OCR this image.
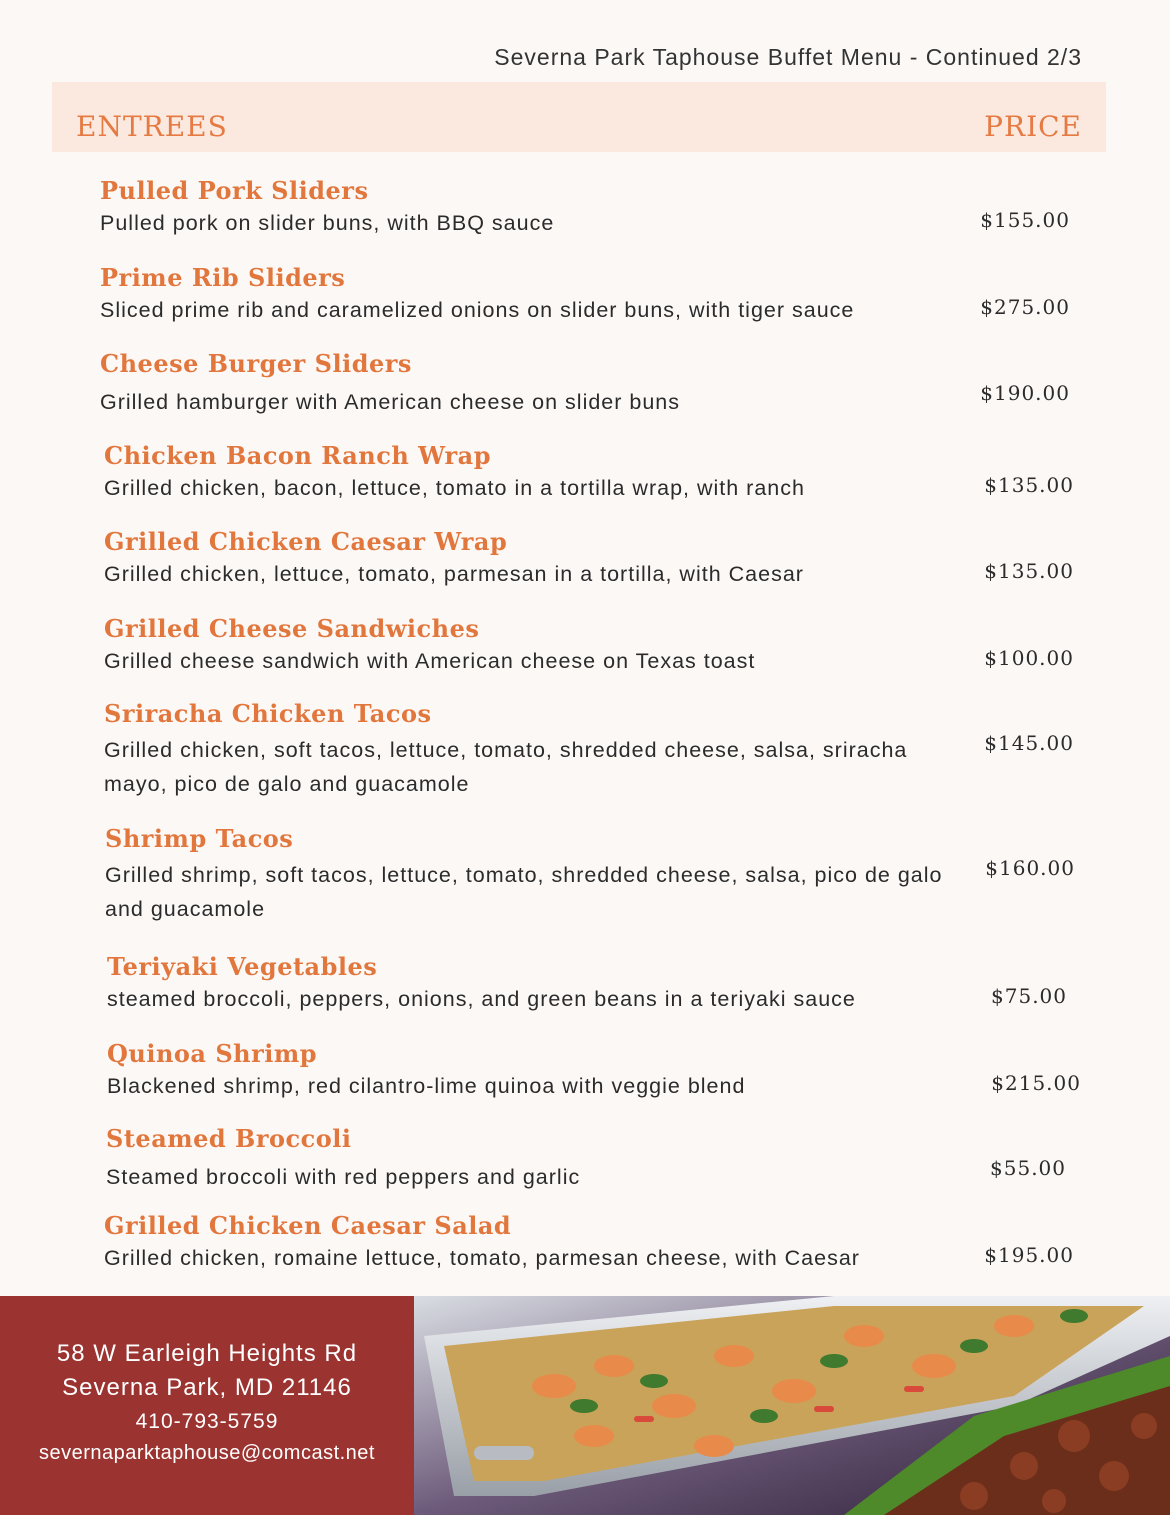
Severna Park Taphouse Buffet Menu - Continued 2/3
ENTREES	PRICE
Pulled Pork Sliders
Pulled pork on slider buns, with BBQ sauce	$155.00
Prime Rib Sliders
Sliced prime rib and caramelized onions on slider buns, with tiger sauce	$275.00
Cheese Burger Sliders
Grilled hamburger with American cheese on slider buns	$190.00
Chicken Bacon Ranch Wrap
Grilled chicken, bacon, lettuce, tomato in a tortilla wrap, with ranch	$135.00
Grilled Chicken Caesar Wrap
Grilled chicken, lettuce, tomato, parmesan in a tortilla, with Caesar	$135.00
Grilled Cheese Sandwiches
Grilled cheese sandwich with American cheese on Texas toast	$100.00
Sriracha Chicken Tacos
Grilled chicken, soft tacos, lettuce, tomato, shredded cheese, salsa, sriracha mayo, pico de galo and guacamole
$145.00
Shrimp Tacos
Grilled shrimp, soft tacos, lettuce, tomato, shredded cheese, salsa, pico de galo and guacamole
$160.00
Teriyaki Vegetables
steamed broccoli, peppers, onions, and green beans in a teriyaki sauce	$75.00
Quinoa Shrimp
Blackened shrimp, red cilantro-lime quinoa with veggie blend	$215.00
Steamed Broccoli
Steamed broccoli with red peppers and garlic	$55.00
Grilled Chicken Caesar Salad
Grilled chicken, romaine lettuce, tomato, parmesan cheese, with Caesar	$195.00
58 W Earleigh Heights Rd
Severna Park, MD 21146
410-793-5759
severnaparktaphouse@comcast.net
